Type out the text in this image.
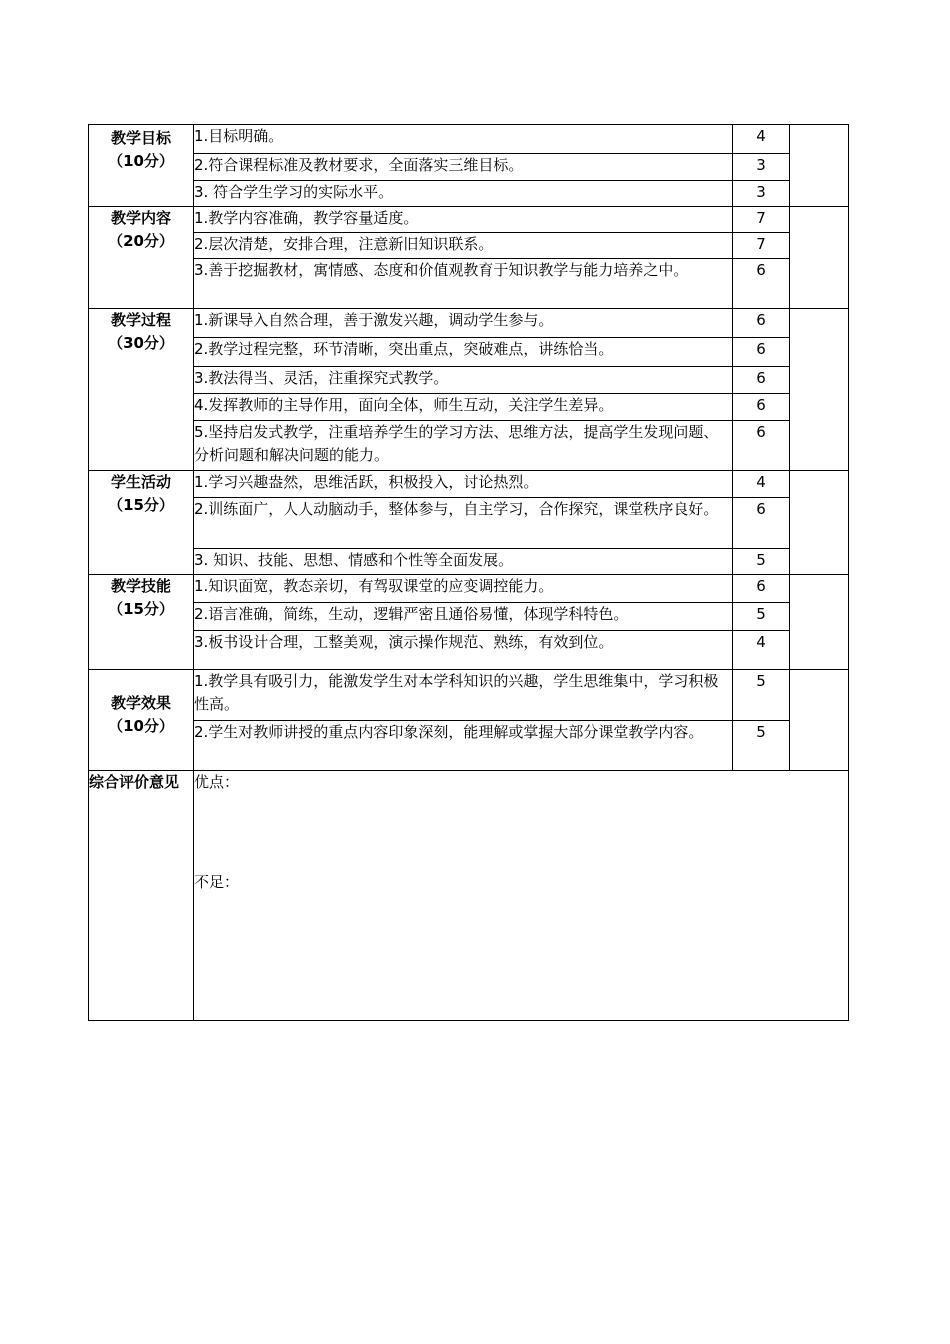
教学目标
（10分）	1.目标明确。	4	
	2.符合课程标准及教材要求，全面落实三维目标。	3	
	3. 符合学生学习的实际水平。	3	

教学内容
（20分）	1.教学内容准确，教学容量适度。	7	
	2.层次清楚，安排合理，注意新旧知识联系。	7	
	3.善于挖掘教材，寓情感、态度和价值观教育于知识教学与能力培养之中。	6	

教学过程
（30分）	1.新课导入自然合理，善于激发兴趣，调动学生参与。	6	
	2.教学过程完整，环节清晰，突出重点，突破难点，讲练恰当。	6	
	3.教法得当、灵活，注重探究式教学。	6	
	4.发挥教师的主导作用，面向全体，师生互动，关注学生差异。	6	
	5.坚持启发式教学，注重培养学生的学习方法、思维方法，提高学生发现问题、分析问题和解决问题的能力。	6	

学生活动
（15分）	1.学习兴趣盎然，思维活跃，积极投入，讨论热烈。	4	
	2.训练面广，人人动脑动手，整体参与，自主学习，合作探究，课堂秩序良好。	6	
	3. 知识、技能、思想、情感和个性等全面发展。	5	

教学技能
（15分）	1.知识面宽，教态亲切，有驾驭课堂的应变调控能力。	6	
	2.语言准确，简练，生动，逻辑严密且通俗易懂，体现学科特色。	5	
	3.板书设计合理，工整美观，演示操作规范、熟练，有效到位。	4	

教学效果
（10分）	1.教学具有吸引力，能激发学生对本学科知识的兴趣，学生思维集中，学习积极性高。	5	
	2.学生对教师讲授的重点内容印象深刻，能理解或掌握大部分课堂教学内容。	5	
综合评价意见	优点：
不足：		
